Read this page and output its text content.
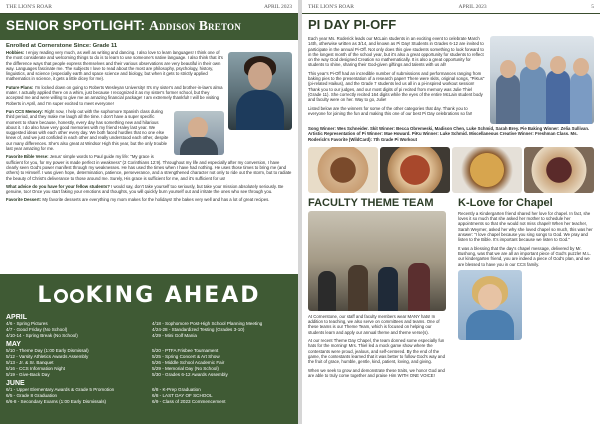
THE LION'S ROAR	APRIL 2023
SENIOR SPOTLIGHT: Addison Breton
Enrolled at Cornerstone Since: Grade 11

Hobbies: I enjoy reading very much, as well as writing and dancing. I also love to learn languages! I think one of the most considerate and welcoming things to do is to learn to use someone's native language. I also think that it's the difference ways that people express themselves and their various observations are very beautiful in their own way. Languages fascinate me. The subjects I love to read about the most are philosophy, psychology, history, linguistics, and science (especially earth and space science and biology, but when it gets to strictly applied mathematics in science, it gets a little dicey for me).

Future Plans: I'm locked down on going to Roberts Wesleyan University! It's my sister's and brother-in-law's alma mater. I actually applied there on a whim, just because I recognized it as my sister's former school, but they accepted me and were willing to give me an amazing financial package! I am extremely thankful! I will be visiting Roberts in April, and I'm super excited to meet everyone!

Fun CCS Memory: Right now, I help out with the sophomore Spanish class during third period, and they make me laugh all the time. I don't have a super specific moment to share because, honestly, every day has something new and hilarious about it. I do also have very good memories with my friend Haley last year. We suggested ideas with each other every day. We both faced hurdles that no one else knew of, and we just confided in each other and really understood each other, despite our many differences. She's also great at Windsor High this year, but the only trouble last year amazing for me.

Favorite Bible Verse: Jesus' simple words to Paul guide my life: "My grace is sufficient for you, for my power is made perfect in weakness" (2 Corinthians 12:9). Throughout my life and especially after my conversion, I have clearly seen God's power manifest through my weaknesses. He has used the times when I have had nothing. He uses those times to bring me (and others) to Himself. I was given hope, determination, patience, perseverance, and a strengthened character not only to ride out the storm, but to radiate the beauty of Christ's deliverance to those around me. Surely, His grace is sufficient for me, and it's sufficient for us!

What advice do you have for your fellow students? I would say, don't take yourself too seriously, but take your mission absolutely seriously. Be genuine, too! Once you start faking your emotions and thoughts, you will quickly burn yourself out and irritate the ones who see through you.

Favorite Dessert: My favorite desserts are everything my mom makes for the holidays! She bakes very well and has a lot of great recipes.

L KING AHEAD
APRIL
4/6 - Spring Pictures
4/7 - Good Friday (No School)
4/10-14 - Spring Break (No School)
MAY
5/10 - Theme Day (1:00 Early Dismissal)
5/12 - Varsity Athletics Awards Assembly
5/13 - Jr. & Sr. Banquet
5/16 - CCS Information Night
5/19 - Give-Back Day
JUNE
6/1 - Upper Elementary Awards & Grade 5 Promotion
6/5 - Grade 8 Graduation
6/6-8 - Secondary Exams (1:00 Early Dismissals)

4/18 - Sophomore Post-High School Planning Meeting
4/24-28 - Standardized Testing (Grades 3-10)
4/29 - Mini Golf Mania

5/20 - PTFA Frisbee Tournament
5/25 - Spring Concert & Art Show
5/26 - Middle School Academic Fair
5/29 - Memorial Day (No School)
5/30 - Grades 6-12 Awards Assembly

6/8 - K-Prep Graduation
6/8 - LAST DAY OF SCHOOL
6/9 - Class of 2023 Commencement
THE LION'S ROAR	APRIL 2023	5
PI DAY PI-OFF

Each year Ms. Roderick leads our McLain students in an exciting event to celebrate March 14th, otherwise written as 3/14, and known as Pi Day! Students in Grades 6-12 are invited to participate in the annual Pi-Off. Not only does this give students something to look forward to in the longest month of the school year, but it's also a great opportunity for students to reflect on the way God designed Creation so mathematically. It is also a great opportunity for students to shine, sharing their God-given giftings and talents with us all!

This year's Pi-Off had an incredible number of submissions and performances ranging from baking pies to the presentation of a research paper! There were skits, original songs, "PiKus" (pi-related Haikus), and the Grade 7 students led us all in a pi-inspired workout session! Thank you to our judges, and our most digits of pi recited from memory was Julie Thiel (Grade 11). She correctly recited 164 digits while the eyes of the entire McLain student body and faculty were on her. Way to go, Julie!

Listed below are the winners for some of the other categories that day. Thank you to everyone for joining the fun and making this one of our best Pi Day celebrations so far!

Song Winner: Wes Schneider. Skit Winner: Becca Obremeski, Madison Chen, Luke Schmid, Sarah Brey. Pie Baking Winner: Zelia Sullivan. Artistic Representation of Pi Winner: Mae Howard. PiKu Winner: Luke Schmid. Miscellaneous Creative Winner: Freshman Class. Ms. Roderick's Favorite (WildCard): 7th Grade Pi Workout

FACULTY THEME TEAM

At Cornerstone, our staff and faculty members wear MANY hats! In addition to teaching, we also serve on committees and teams. One of these teams is our Theme Team, which is focused on helping our students learn and apply our annual theme and theme verse(s).

At our recent Theme Day Chapel, the team donned some especially fun hats for the morning! Mrs. Thiel led a mock game show where the contestants were proud, jealous, and self-centered. By the end of the game, the contestants learned that it was better to follow God's way and the fruit of grace, humble, gentle, kind, patient, loving, and giving.

When we seek to grow and demonstrate these traits, we honor God and are able to truly come together and praise Him WITH ONE VOICE!

K-Love for Chapel

Recently a Kindergarten friend shared her love for chapel. In fact, she loves it so much that she asked her mother to schedule her appointments so that she would not miss chapel! When her teacher, Sarah Weymer, asked her why she loved chapel so much, this was her answer: "I love chapel because you sing songs to God. We pray and listen to the Bible. It's important because we listen to God."

It was a blessing that the day's chapel message, delivered by Mr. Bushong, was that we are all an important piece of God's puzzle! M.L. our kindergarten friend, you are indeed a piece of God's plan, and we are blessed to have you in our CCS family.
